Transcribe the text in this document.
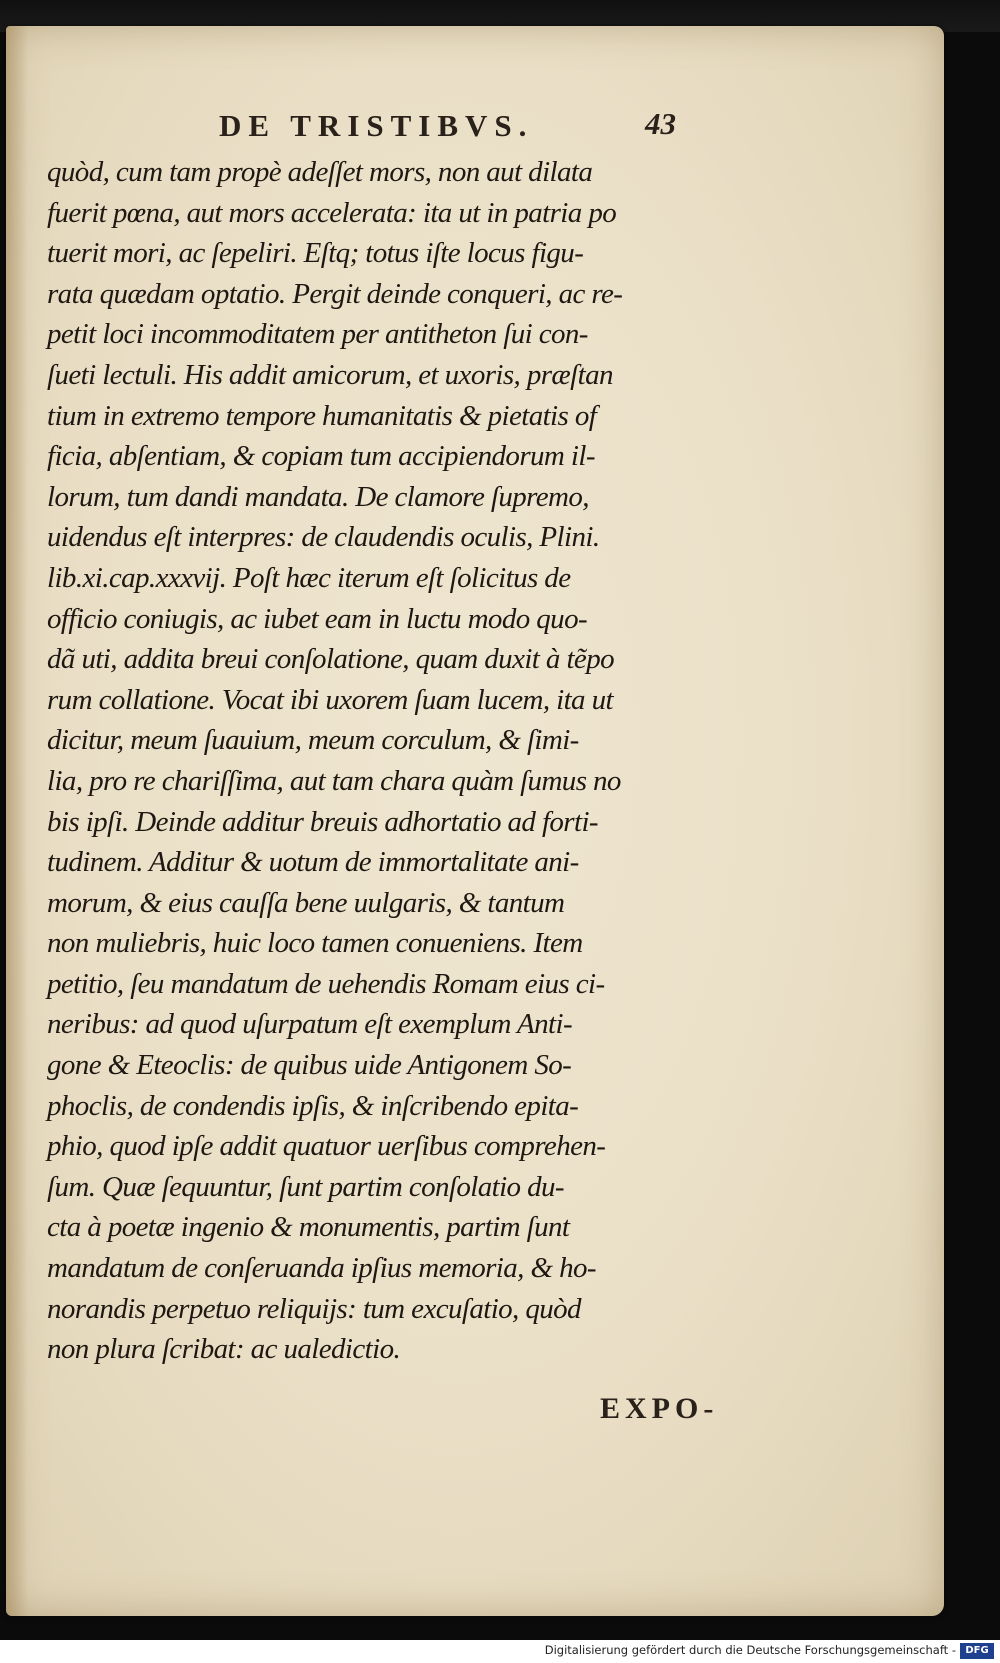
DE TRISTIBVS.	43
quòd, cum tam propè adeſſet mors, non aut dilata
fuerit pœna, aut mors accelerata: ita ut in patria po
tuerit mori, ac ſepeliri. Eſtq; totus iſte locus figu-
rata quædam optatio. Pergit deinde conqueri, ac re-
petit loci incommoditatem per antitheton ſui con-
ſueti lectuli. His addit amicorum, et uxoris, præſtan
tium in extremo tempore humanitatis & pietatis of
ficia, abſentiam, & copiam tum accipiendorum il-
lorum, tum dandi mandata. De clamore ſupremo,
uidendus eſt interpres: de claudendis oculis, Plini.
lib.xi.cap.xxxvij. Poſt hæc iterum eſt ſolicitus de
officio coniugis, ac iubet eam in luctu modo quo-
dã uti, addita breui conſolatione, quam duxit à tẽpo
rum collatione. Vocat ibi uxorem ſuam lucem, ita ut
dicitur, meum ſuauium, meum corculum, & ſimi-
lia, pro re chariſſima, aut tam chara quàm ſumus no
bis ipſi. Deinde additur breuis adhortatio ad forti-
tudinem. Additur & uotum de immortalitate ani-
morum, & eius cauſſa bene uulgaris, & tantum
non muliebris, huic loco tamen conueniens. Item
petitio, ſeu mandatum de uehendis Romam eius ci-
neribus: ad quod uſurpatum eſt exemplum Anti-
gone & Eteoclis: de quibus uide Antigonem So-
phoclis, de condendis ipſis, & inſcribendo epita-
phio, quod ipſe addit quatuor uerſibus comprehen-
ſum. Quæ ſequuntur, ſunt partim conſolatio du-
cta à poetæ ingenio & monumentis, partim ſunt
mandatum de conſeruanda ipſius memoria, & ho-
norandis perpetuo reliquijs: tum excuſatio, quòd
non plura ſcribat: ac ualedictio.
EXPO-
Digitalisierung gefördert durch die Deutsche Forschungsgemeinschaft - DFG
